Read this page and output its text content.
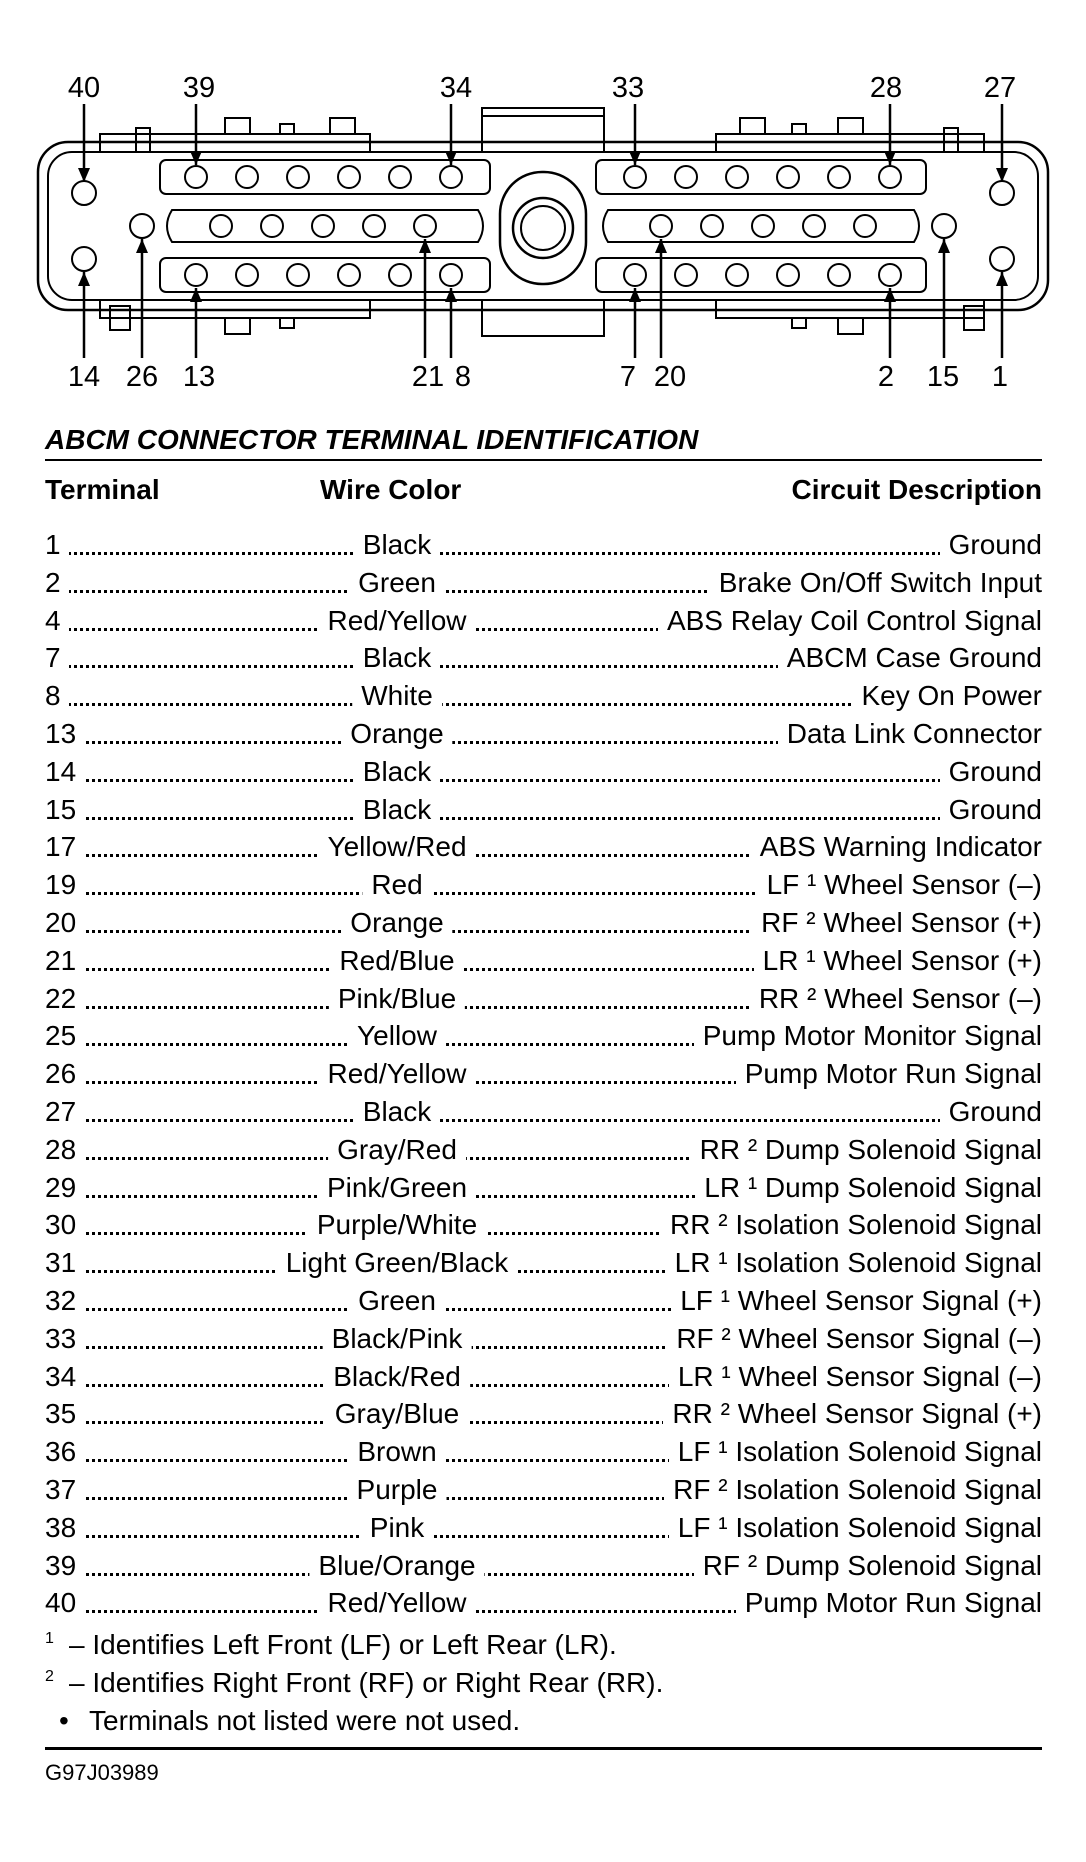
40	39	34	33	28	27
14 26 13	21 8	7 20	2	15	1
ABCM CONNECTOR TERMINAL IDENTIFICATION
Terminal	Wire Color	Circuit Description
1	Black	Ground
2	Green	Brake On/Off Switch Input
4	Red/Yellow	ABS Relay Coil Control Signal
7	Black	ABCM Case Ground
8	White	Key On Power
13	Orange	Data Link Connector
14	Black	Ground
15	Black	Ground
17	Yellow/Red	ABS Warning Indicator
19	Red	LF ¹ Wheel Sensor (–)
20	Orange	RF ² Wheel Sensor (+)
21	Red/Blue	LR ¹ Wheel Sensor (+)
22	Pink/Blue	RR ² Wheel Sensor (–)
25	Yellow	Pump Motor Monitor Signal
26	Red/Yellow	Pump Motor Run Signal
27	Black	Ground
28	Gray/Red	RR ² Dump Solenoid Signal
29	Pink/Green	LR ¹ Dump Solenoid Signal
30	Purple/White	RR ² Isolation Solenoid Signal
31	Light Green/Black	LR ¹ Isolation Solenoid Signal
32	Green	LF ¹ Wheel Sensor Signal (+)
33	Black/Pink	RF ² Wheel Sensor Signal (–)
34	Black/Red	LR ¹ Wheel Sensor Signal (–)
35	Gray/Blue	RR ² Wheel Sensor Signal (+)
36	Brown	LF ¹ Isolation Solenoid Signal
37	Purple	RF ² Isolation Solenoid Signal
38	Pink	LF ¹ Isolation Solenoid Signal
39	Blue/Orange	RF ² Dump Solenoid Signal
40	Red/Yellow	Pump Motor Run Signal
1 – Identifies Left Front (LF) or Left Rear (LR).
2 – Identifies Right Front (RF) or Right Rear (RR).
• Terminals not listed were not used.
G97J03989
